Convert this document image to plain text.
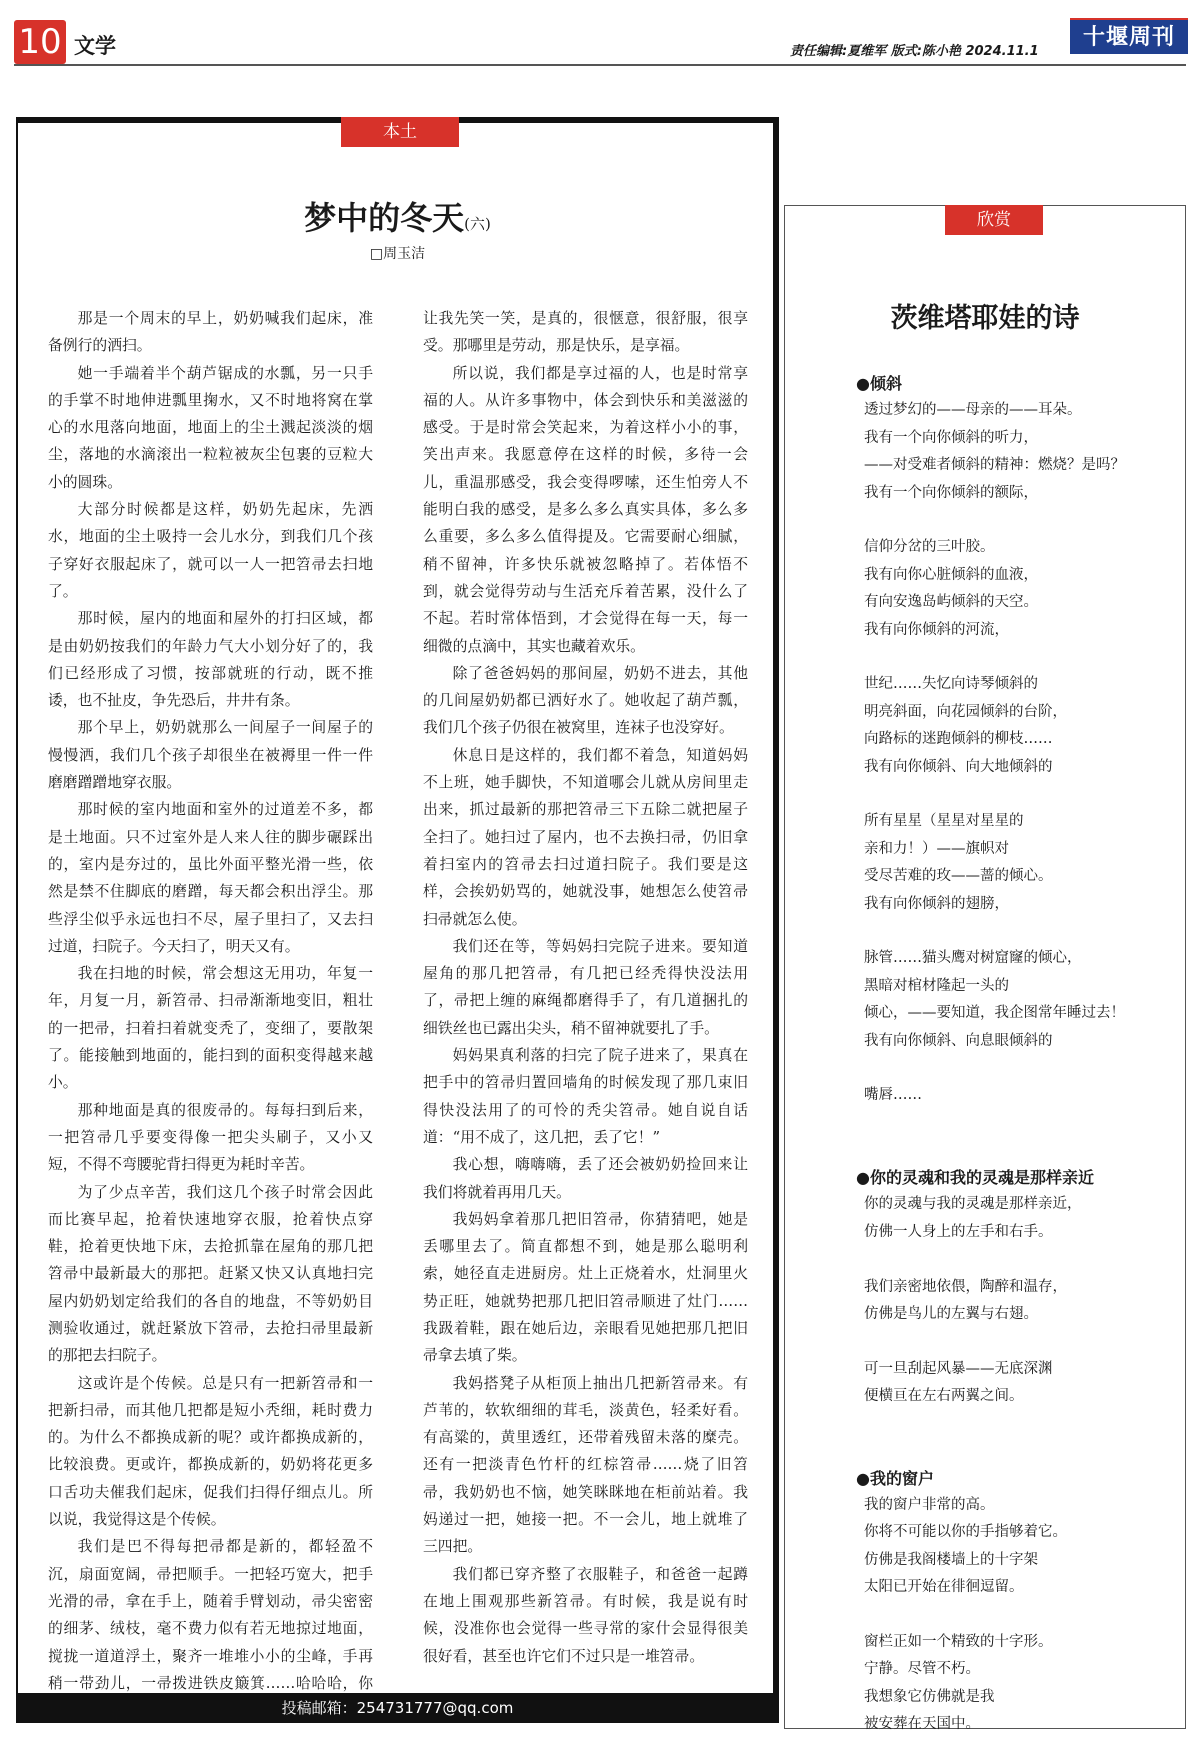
10 文学	责任编辑:夏维军 版式:陈小艳 2024.11.1
十堰周刊
本土
梦中的冬天(六)
□周玉洁

那是一个周末的早上，奶奶喊我们起床，准备例行的洒扫。

她一手端着半个葫芦锯成的水瓢，另一只手的手掌不时地伸进瓢里掬水，又不时地将窝在掌心的水甩落向地面，地面上的尘土溅起淡淡的烟尘，落地的水滴滚出一粒粒被灰尘包裹的豆粒大小的圆珠。

大部分时候都是这样，奶奶先起床，先洒水，地面的尘土吸持一会儿水分，到我们几个孩子穿好衣服起床了，就可以一人一把笤帚去扫地了。

那时候，屋内的地面和屋外的打扫区域，都是由奶奶按我们的年龄力气大小划分好了的，我们已经形成了习惯，按部就班的行动，既不推诿，也不扯皮，争先恐后，井井有条。

那个早上，奶奶就那么一间屋子一间屋子的慢慢洒，我们几个孩子却很坐在被褥里一件一件磨磨蹭蹭地穿衣服。

那时候的室内地面和室外的过道差不多，都是土地面。只不过室外是人来人往的脚步碾踩出的，室内是夯过的，虽比外面平整光滑一些，依然是禁不住脚底的磨蹭，每天都会积出浮尘。那些浮尘似乎永远也扫不尽，屋子里扫了，又去扫过道，扫院子。今天扫了，明天又有。

我在扫地的时候，常会想这无用功，年复一年，月复一月，新笤帚、扫帚渐渐地变旧，粗壮的一把帚，扫着扫着就变秃了，变细了，要散架了。能接触到地面的，能扫到的面积变得越来越小。

那种地面是真的很废帚的。每每扫到后来，一把笤帚几乎要变得像一把尖头刷子，又小又短，不得不弯腰驼背扫得更为耗时辛苦。

为了少点辛苦，我们这几个孩子时常会因此而比赛早起，抢着快速地穿衣服，抢着快点穿鞋，抢着更快地下床，去抢抓靠在屋角的那几把笤帚中最新最大的那把。赶紧又快又认真地扫完屋内奶奶划定给我们的各自的地盘，不等奶奶目测验收通过，就赶紧放下笤帚，去抢扫帚里最新的那把去扫院子。

这或许是个传候。总是只有一把新笤帚和一把新扫帚，而其他几把都是短小秃细，耗时费力的。为什么不都换成新的呢？或许都换成新的，比较浪费。更或许，都换成新的，奶奶将花更多口舌功夫催我们起床，促我们扫得仔细点儿。所以说，我觉得这是个传候。

我们是巴不得每把帚都是新的，都轻盈不沉，扇面宽阔，帚把顺手。一把轻巧宽大，把手光滑的帚，拿在手上，随着手臂划动，帚尖密密的细茅、绒枝，毫不费力似有若无地掠过地面，搅拢一道道浮土，聚齐一堆堆小小的尘峰，手再稍一带劲儿，一帚拨进铁皮簸箕……哈哈哈，你

让我先笑一笑，是真的，很惬意，很舒服，很享受。那哪里是劳动，那是快乐，是享福。

所以说，我们都是享过福的人，也是时常享福的人。从许多事物中，体会到快乐和美滋滋的感受。于是时常会笑起来，为着这样小小的事，笑出声来。我愿意停在这样的时候，多待一会儿，重温那感受，我会变得啰嗦，还生怕旁人不能明白我的感受，是多么多么真实具体，多么多么重要，多么多么值得提及。它需要耐心细腻，稍不留神，许多快乐就被忽略掉了。若体悟不到，就会觉得劳动与生活充斥着苦累，没什么了不起。若时常体悟到，才会觉得在每一天，每一细微的点滴中，其实也藏着欢乐。

除了爸爸妈妈的那间屋，奶奶不进去，其他的几间屋奶奶都已洒好水了。她收起了葫芦瓢，我们几个孩子仍很在被窝里，连袜子也没穿好。

休息日是这样的，我们都不着急，知道妈妈不上班，她手脚快，不知道哪会儿就从房间里走出来，抓过最新的那把笤帚三下五除二就把屋子全扫了。她扫过了屋内，也不去换扫帚，仍旧拿着扫室内的笤帚去扫过道扫院子。我们要是这样，会挨奶奶骂的，她就没事，她想怎么使笤帚扫帚就怎么使。

我们还在等，等妈妈扫完院子进来。要知道屋角的那几把笤帚，有几把已经秃得快没法用了，帚把上缠的麻绳都磨得手了，有几道捆扎的细铁丝也已露出尖头，稍不留神就要扎了手。

妈妈果真利落的扫完了院子进来了，果真在把手中的笤帚归置回墙角的时候发现了那几束旧得快没法用了的可怜的秃尖笤帚。她自说自话道：“用不成了，这几把，丢了它！”

我心想，嗨嗨嗨，丢了还会被奶奶捡回来让我们将就着再用几天。

我妈妈拿着那几把旧笤帚，你猜猜吧，她是丢哪里去了。简直都想不到，她是那么聪明利索，她径直走进厨房。灶上正烧着水，灶洞里火势正旺，她就势把那几把旧笤帚顺进了灶门……我趿着鞋，跟在她后边，亲眼看见她把那几把旧帚拿去填了柴。

我妈搭凳子从柜顶上抽出几把新笤帚来。有芦苇的，软软细细的茸毛，淡黄色，轻柔好看。有高粱的，黄里透红，还带着残留未落的糜壳。还有一把淡青色竹杆的红棕笤帚……烧了旧笤帚，我奶奶也不恼，她笑眯眯地在柜前站着。我妈递过一把，她接一把。不一会儿，地上就堆了三四把。

我们都已穿齐整了衣服鞋子，和爸爸一起蹲在地上围观那些新笤帚。有时候，我是说有时候，没准你也会觉得一些寻常的家什会显得很美很好看，甚至也许它们不过只是一堆笤帚。

投稿邮箱：254731777@qq.com
欣赏
茨维塔耶娃的诗
●倾斜
透过梦幻的——母亲的——耳朵。
我有一个向你倾斜的听力，
——对受难者倾斜的精神：燃烧？是吗？
我有一个向你倾斜的额际，
信仰分岔的三叶胶。
我有向你心脏倾斜的血液，
有向安逸岛屿倾斜的天空。
我有向你倾斜的河流，
世纪……失忆向诗琴倾斜的
明亮斜面，向花园倾斜的台阶，
向路标的迷跑倾斜的柳枝……
我有向你倾斜、向大地倾斜的
所有星星（星星对星星的
亲和力！）——旗帜对
受尽苦难的玫——蔷的倾心。
我有向你倾斜的翅膀，
脉管……猫头鹰对树窟窿的倾心，
黑暗对棺材隆起一头的
倾心，——要知道，我企图常年睡过去！
我有向你倾斜、向息眼倾斜的
嘴唇……
●你的灵魂和我的灵魂是那样亲近
你的灵魂与我的灵魂是那样亲近，
仿佛一人身上的左手和右手。
我们亲密地依偎，陶醉和温存，
仿佛是鸟儿的左翼与右翅。
可一旦刮起风暴——无底深渊
便横亘在左右两翼之间。
●我的窗户
我的窗户非常的高。
你将不可能以你的手指够着它。
仿佛是我阁楼墙上的十字架
太阳已开始在徘徊逗留。
窗栏正如一个精致的十字形。
宁静。尽管不朽。
我想象它仿佛就是我
被安葬在天国中。
